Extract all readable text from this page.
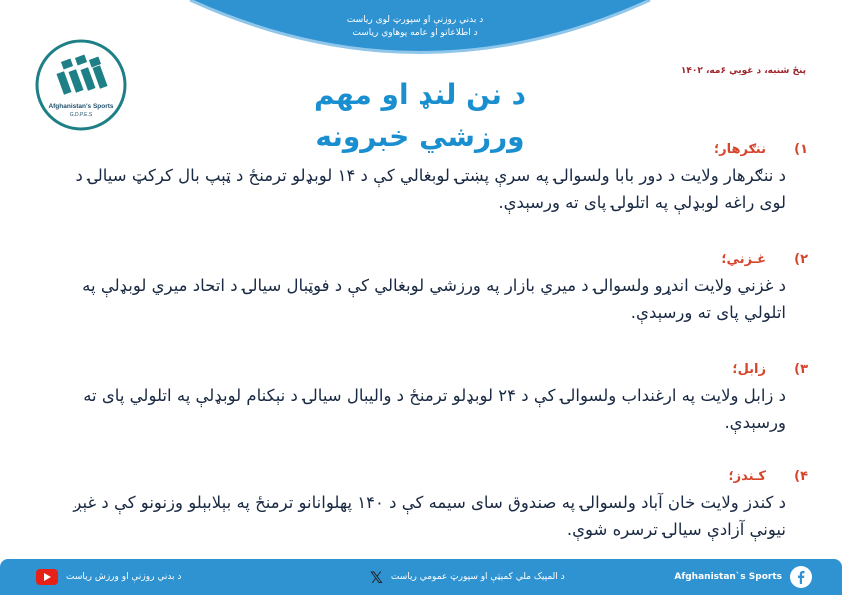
د بدني روزنې او سپورټ لوی ریاست
د اطلاعاتو او عامه پوهاوي ریاست
Afghanistan's Sports
G.D.P.E.S
پنځ شنبه، د غویي ۶مه، ۱۴۰۲
د نن لنډ او مهم
ورزشي خبرونه	۱)
ننګرهار؛
د ننګرهار ولایت د دور بابا ولسوالۍ په سرې پښتۍ لوبغالي کې د ۱۴ لوبډلو ترمنځ د ټېپ بال کرکټ سیالۍ د لوی راغه لوبډلې په اتلولۍ پای ته ورسېدې.
۲)
غـزني؛
د غزني ولایت اندړو ولسوالۍ د میري بازار په ورزشي لوبغالي کې د فوټبال سیالۍ د اتحاد میري لوبډلې په اتلولي پای ته ورسېدې.
۳)
زابل؛
د زابل ولایت په ارغنداب ولسوالۍ کې د ۲۴ لوبډلو ترمنځ د والیبال سیالۍ د نېکنام لوبډلې په اتلولي پای ته ورسېدې.
۴)
کـندز؛
د کندز ولایت خان آباد ولسوالۍ په صندوق سای سیمه کې د ۱۴۰ پهلوانانو ترمنځ په بېلابېلو وزنونو کې د غېږ نیونې آزادې سیالۍ ترسره شوې.
Afghanistan`s Sports
𝕏 د المپیک ملي کمېټې او سپورټ عمومي ریاست
د بدني روزنې او ورزش ریاست
